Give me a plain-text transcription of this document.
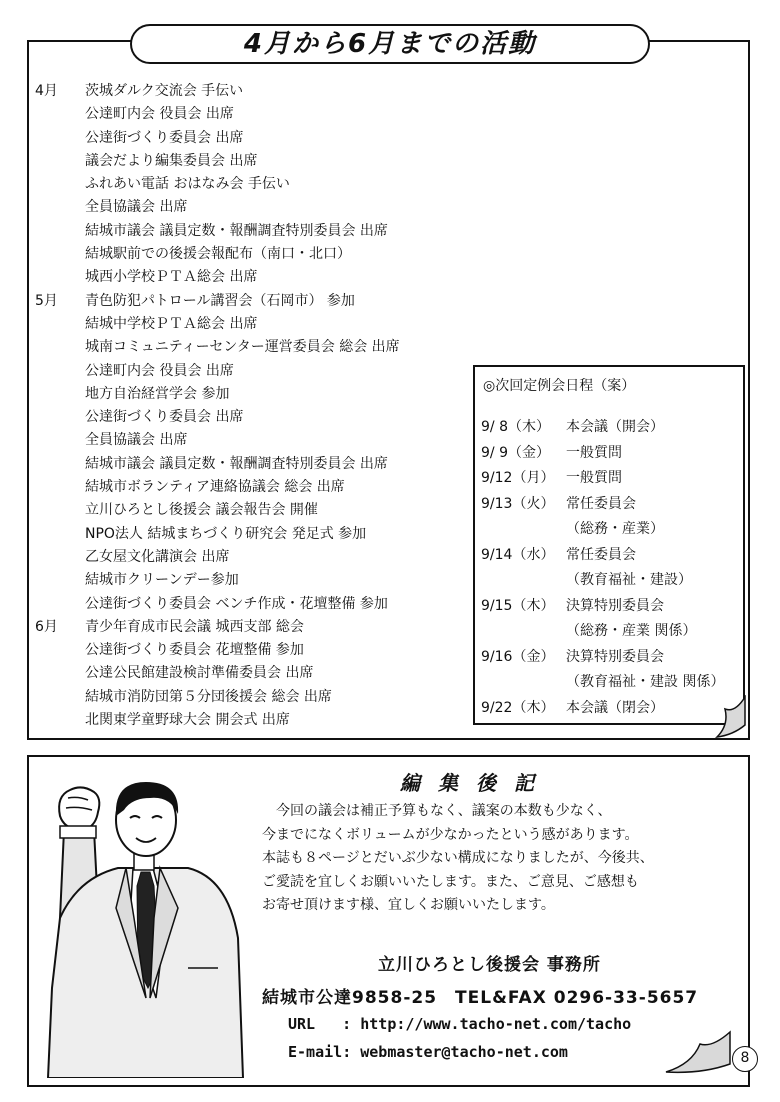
4月から6月までの活動
4月	茨城ダルク交流会 手伝い
公達町内会 役員会 出席
公達街づくり委員会 出席
議会だより編集委員会 出席
ふれあい電話 おはなみ会 手伝い
全員協議会 出席
結城市議会 議員定数・報酬調査特別委員会 出席
結城駅前での後援会報配布（南口・北口）
城西小学校ＰＴＡ総会 出席
5月	青色防犯パトロール講習会（石岡市） 参加
結城中学校ＰＴＡ総会 出席
城南コミュニティーセンター運営委員会 総会 出席
公達町内会 役員会 出席
地方自治経営学会 参加
公達街づくり委員会 出席
全員協議会 出席
結城市議会 議員定数・報酬調査特別委員会 出席
結城市ボランティア連絡協議会 総会 出席
立川ひろとし後援会 議会報告会 開催
NPO法人 結城まちづくり研究会 発足式 参加
乙女屋文化講演会 出席
結城市クリーンデー参加
公達街づくり委員会 ベンチ作成・花壇整備 参加
6月	青少年育成市民会議 城西支部 総会
公達街づくり委員会 花壇整備 参加
公達公民館建設検討準備委員会 出席
結城市消防団第５分団後援会 総会 出席
北関東学童野球大会 開会式 出席
◎次回定例会日程（案）
9/ 8（木） 本会議（開会）
9/ 9（金） 一般質問
9/12（月） 一般質問
9/13（火） 常任委員会
（総務・産業）
9/14（水） 常任委員会
（教育福祉・建設）
9/15（木） 決算特別委員会
（総務・産業 関係）
9/16（金） 決算特別委員会
（教育福祉・建設 関係）
9/22（木） 本会議（閉会）
編集後記
　今回の議会は補正予算もなく、議案の本数も少なく、
今までになくボリュームが少なかったという感があります。
本誌も８ページとだいぶ少ない構成になりましたが、今後共、
ご愛読を宜しくお願いいたします。また、ご意見、ご感想も
お寄せ頂けます様、宜しくお願いいたします。
立川ひろとし後援会 事務所
結城市公達9858-25　TEL&FAX 0296-33-5657
URL   : http://www.tacho-net.com/tacho
E-mail: webmaster@tacho-net.com	8
